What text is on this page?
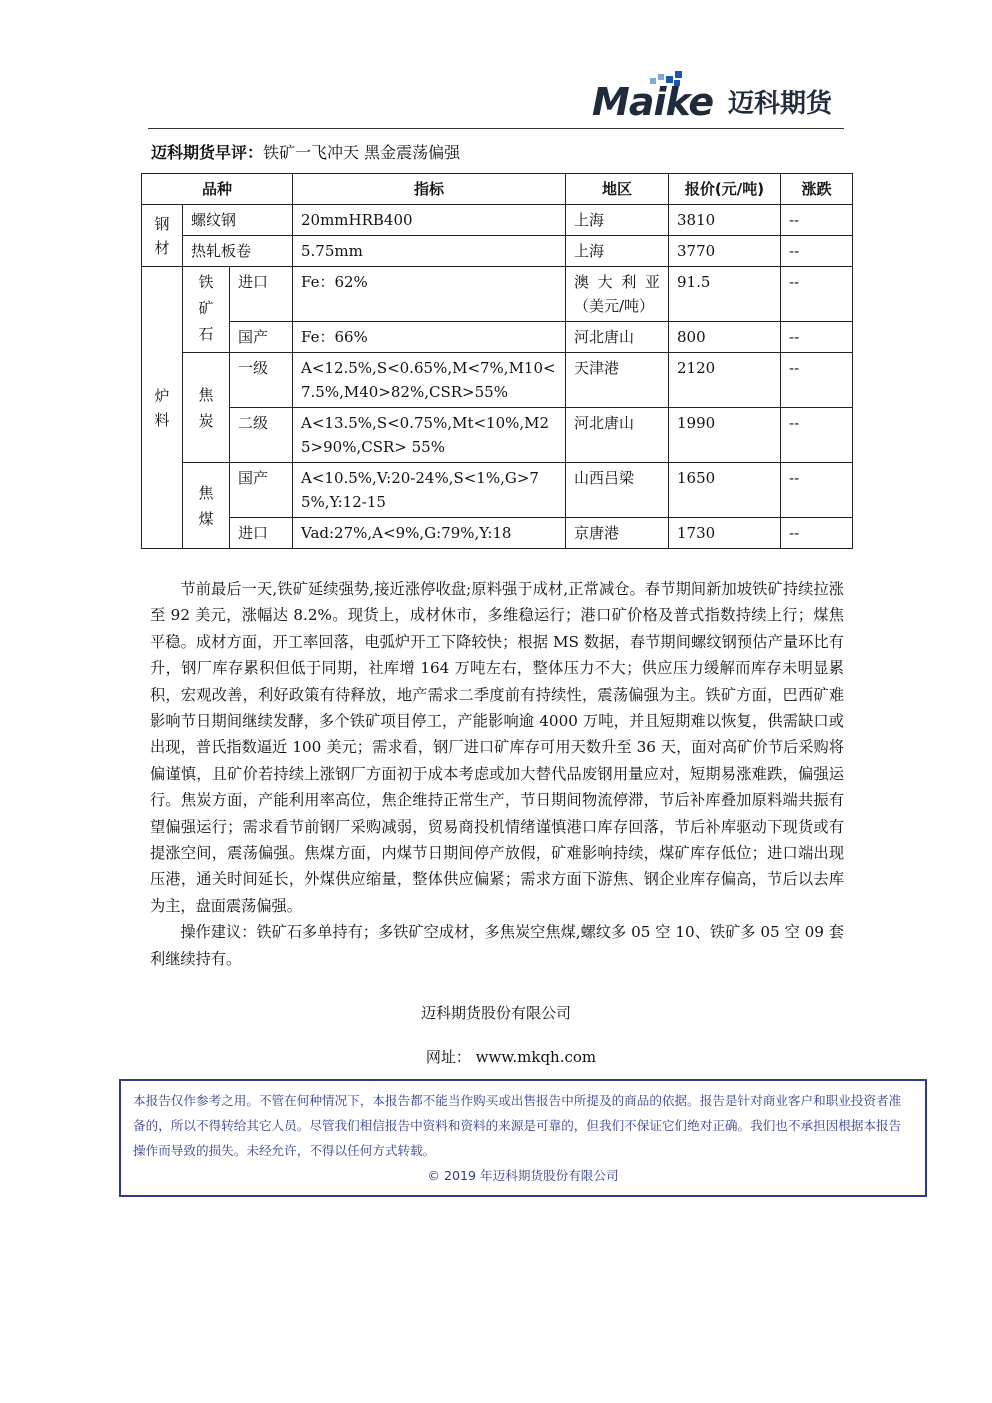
Maike 迈科期货
迈科期货早评：铁矿一飞冲天 黑金震荡偏强
品种			指标	地区	报价(元/吨)	涨跌

钢材	螺纹钢		20mmHRB400	上海	3810	--
	热轧板卷		5.75mm	上海	3770	--

炉料	铁矿石	进口	Fe：62%	澳 大 利 亚（美元/吨）	91.5	--
		国产	Fe：66%	河北唐山	800	--

	焦炭	一级	A<12.5%,S<0.65%,M<7%,M10<7.5%,M40>82%,CSR>55%	天津港	2120	--
		二级	A<13.5%,S<0.75%,Mt<10%,M25>90%,CSR> 55%	河北唐山	1990	--

	焦煤	国产	A<10.5%,V:20-24%,S<1%,G>75%,Y:12-15	山西吕梁	1650	--
		进口	Vad:27%,A<9%,G:79%,Y:18	京唐港	1730	--

节前最后一天,铁矿延续强势,接近涨停收盘;原料强于成材,正常减仓。春节期间新加坡铁矿持续拉涨至 92 美元，涨幅达 8.2%。现货上，成材休市，多维稳运行；港口矿价格及普式指数持续上行；煤焦平稳。成材方面，开工率回落，电弧炉开工下降较快；根据 MS 数据，春节期间螺纹钢预估产量环比有升，钢厂库存累积但低于同期，社库增 164 万吨左右，整体压力不大；供应压力缓解而库存未明显累积，宏观改善，利好政策有待释放，地产需求二季度前有持续性，震荡偏强为主。铁矿方面，巴西矿难影响节日期间继续发酵，多个铁矿项目停工，产能影响逾 4000 万吨，并且短期难以恢复，供需缺口或出现，普氏指数逼近 100 美元；需求看，钢厂进口矿库存可用天数升至 36 天，面对高矿价节后采购将偏谨慎，且矿价若持续上涨钢厂方面初于成本考虑或加大替代品废钢用量应对，短期易涨难跌，偏强运行。焦炭方面，产能利用率高位，焦企维持正常生产，节日期间物流停滞，节后补库叠加原料端共振有望偏强运行；需求看节前钢厂采购减弱，贸易商投机情绪谨慎港口库存回落，节后补库驱动下现货或有提涨空间，震荡偏强。焦煤方面，内煤节日期间停产放假，矿难影响持续，煤矿库存低位；进口端出现压港，通关时间延长，外煤供应缩量，整体供应偏紧；需求方面下游焦、钢企业库存偏高，节后以去库为主，盘面震荡偏强。

操作建议：铁矿石多单持有；多铁矿空成材，多焦炭空焦煤,螺纹多 05 空 10、铁矿多 05 空 09 套利继续持有。

迈科期货股份有限公司
网址： www.mkqh.com

本报告仅作参考之用。不管在何种情况下，本报告都不能当作购买或出售报告中所提及的商品的依据。报告是针对商业客户和职业投资者准备的，所以不得转给其它人员。尽管我们相信报告中资料和资料的来源是可靠的，但我们不保证它们绝对正确。我们也不承担因根据本报告操作而导致的损失。未经允许，不得以任何方式转载。

© 2019 年迈科期货股份有限公司
